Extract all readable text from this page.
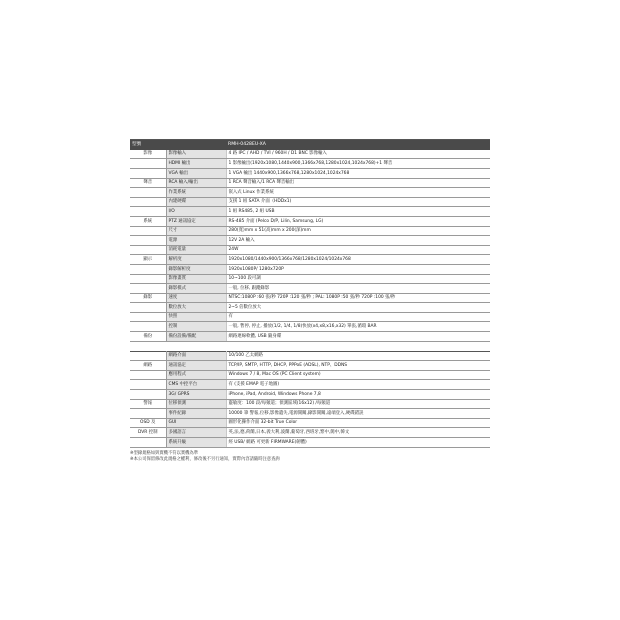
型號		RMH-0428EU-XA
影像	影像輸入	4 路 IPC / AHD / TVI / 960H / D1 BNC 影像輸入
	HDMI 輸出	1 影像輸出(1920x1080,1440x900,1366x768,1280x1024,1024x768)+1 聲音
	VGA 輸出	1 VGA 輸出 1440x900,1366x768,1280x1024,1024x768
聲音	RCA 輸入/輸出	1 RCA 聲音輸入/1 RCA 聲音輸出
	作業系統	嵌入式 Linux 作業系統
	內建硬碟	支援 1 組 SATA 介面（HDDx1)
	I/O	1 組 RS485, 2 組 USB
系統	PTZ 通訊協定	RS-485 介面 (Pelco D/P, Lilin, Samsung, LG)
	尺寸	280(寬)mm x 51(高)mm x 200(深)mm
	電源	12V 2A 輸入
	消耗電量	24W
顯示	解析度	1920x1080/1440x900/1366x768/1280x1024/1024x768
	錄影解析度	1920x1080P/ 1280x720P
	影像畫質	10~100 段可調
	錄影模式	一般, 位移, 跟蹤錄影
錄影	速度	NTSC:1080P :60 張/秒 720P :120 張/秒 ; PAL: 1080P :50 張/秒 720P :100 張/秒
	數位放大	2~5 倍數位放大
	快照	有
	控制	一般, 暫停, 停止, 播放(1/2, 1/4, 1/8)快放(x4,x8,x16,x32) 單張,循環 BAR
備份	備份設備/備配	網路連線軟體, USB 隨身碟
	網路介面	10/100 乙太網路
網路	通訊協定	TCP/IP, SMTP, HTTP, DHCP, PPPoE (ADSL), NTP、DDNS
	應用程式	Windows 7 / 8, Mac OS (PC Client system)
	CMS 中控平台	有 (支援 EMAP 電子地圖)
	3G/ GPRS	iPhone, iPad, Android, Windows Phone 7,8
警報	位移偵測	靈敏度：100 段/每頻道；偵測區域(16x12) /每頻道
	事件紀錄	10000 筆 警報,位移,影像遺失,電源開關,錄影開關,遠端登入,硬碟錯誤
OSD 及	GUI	圖形化操作介面 32-bit True Color
DVR 控制	多國語言	英,法,德,荷蘭,日本,義大利,波蘭,葡萄牙,西班牙,繁中,簡中,韓文
	系統升級	經 USB/ 網路 可更新 FIRMWARE(韌體)
※型錄規格如與實機不符以實機為準
※本公司保留修改此規格之權利，修改後不另行通知，實際內容請隨時注意查詢
